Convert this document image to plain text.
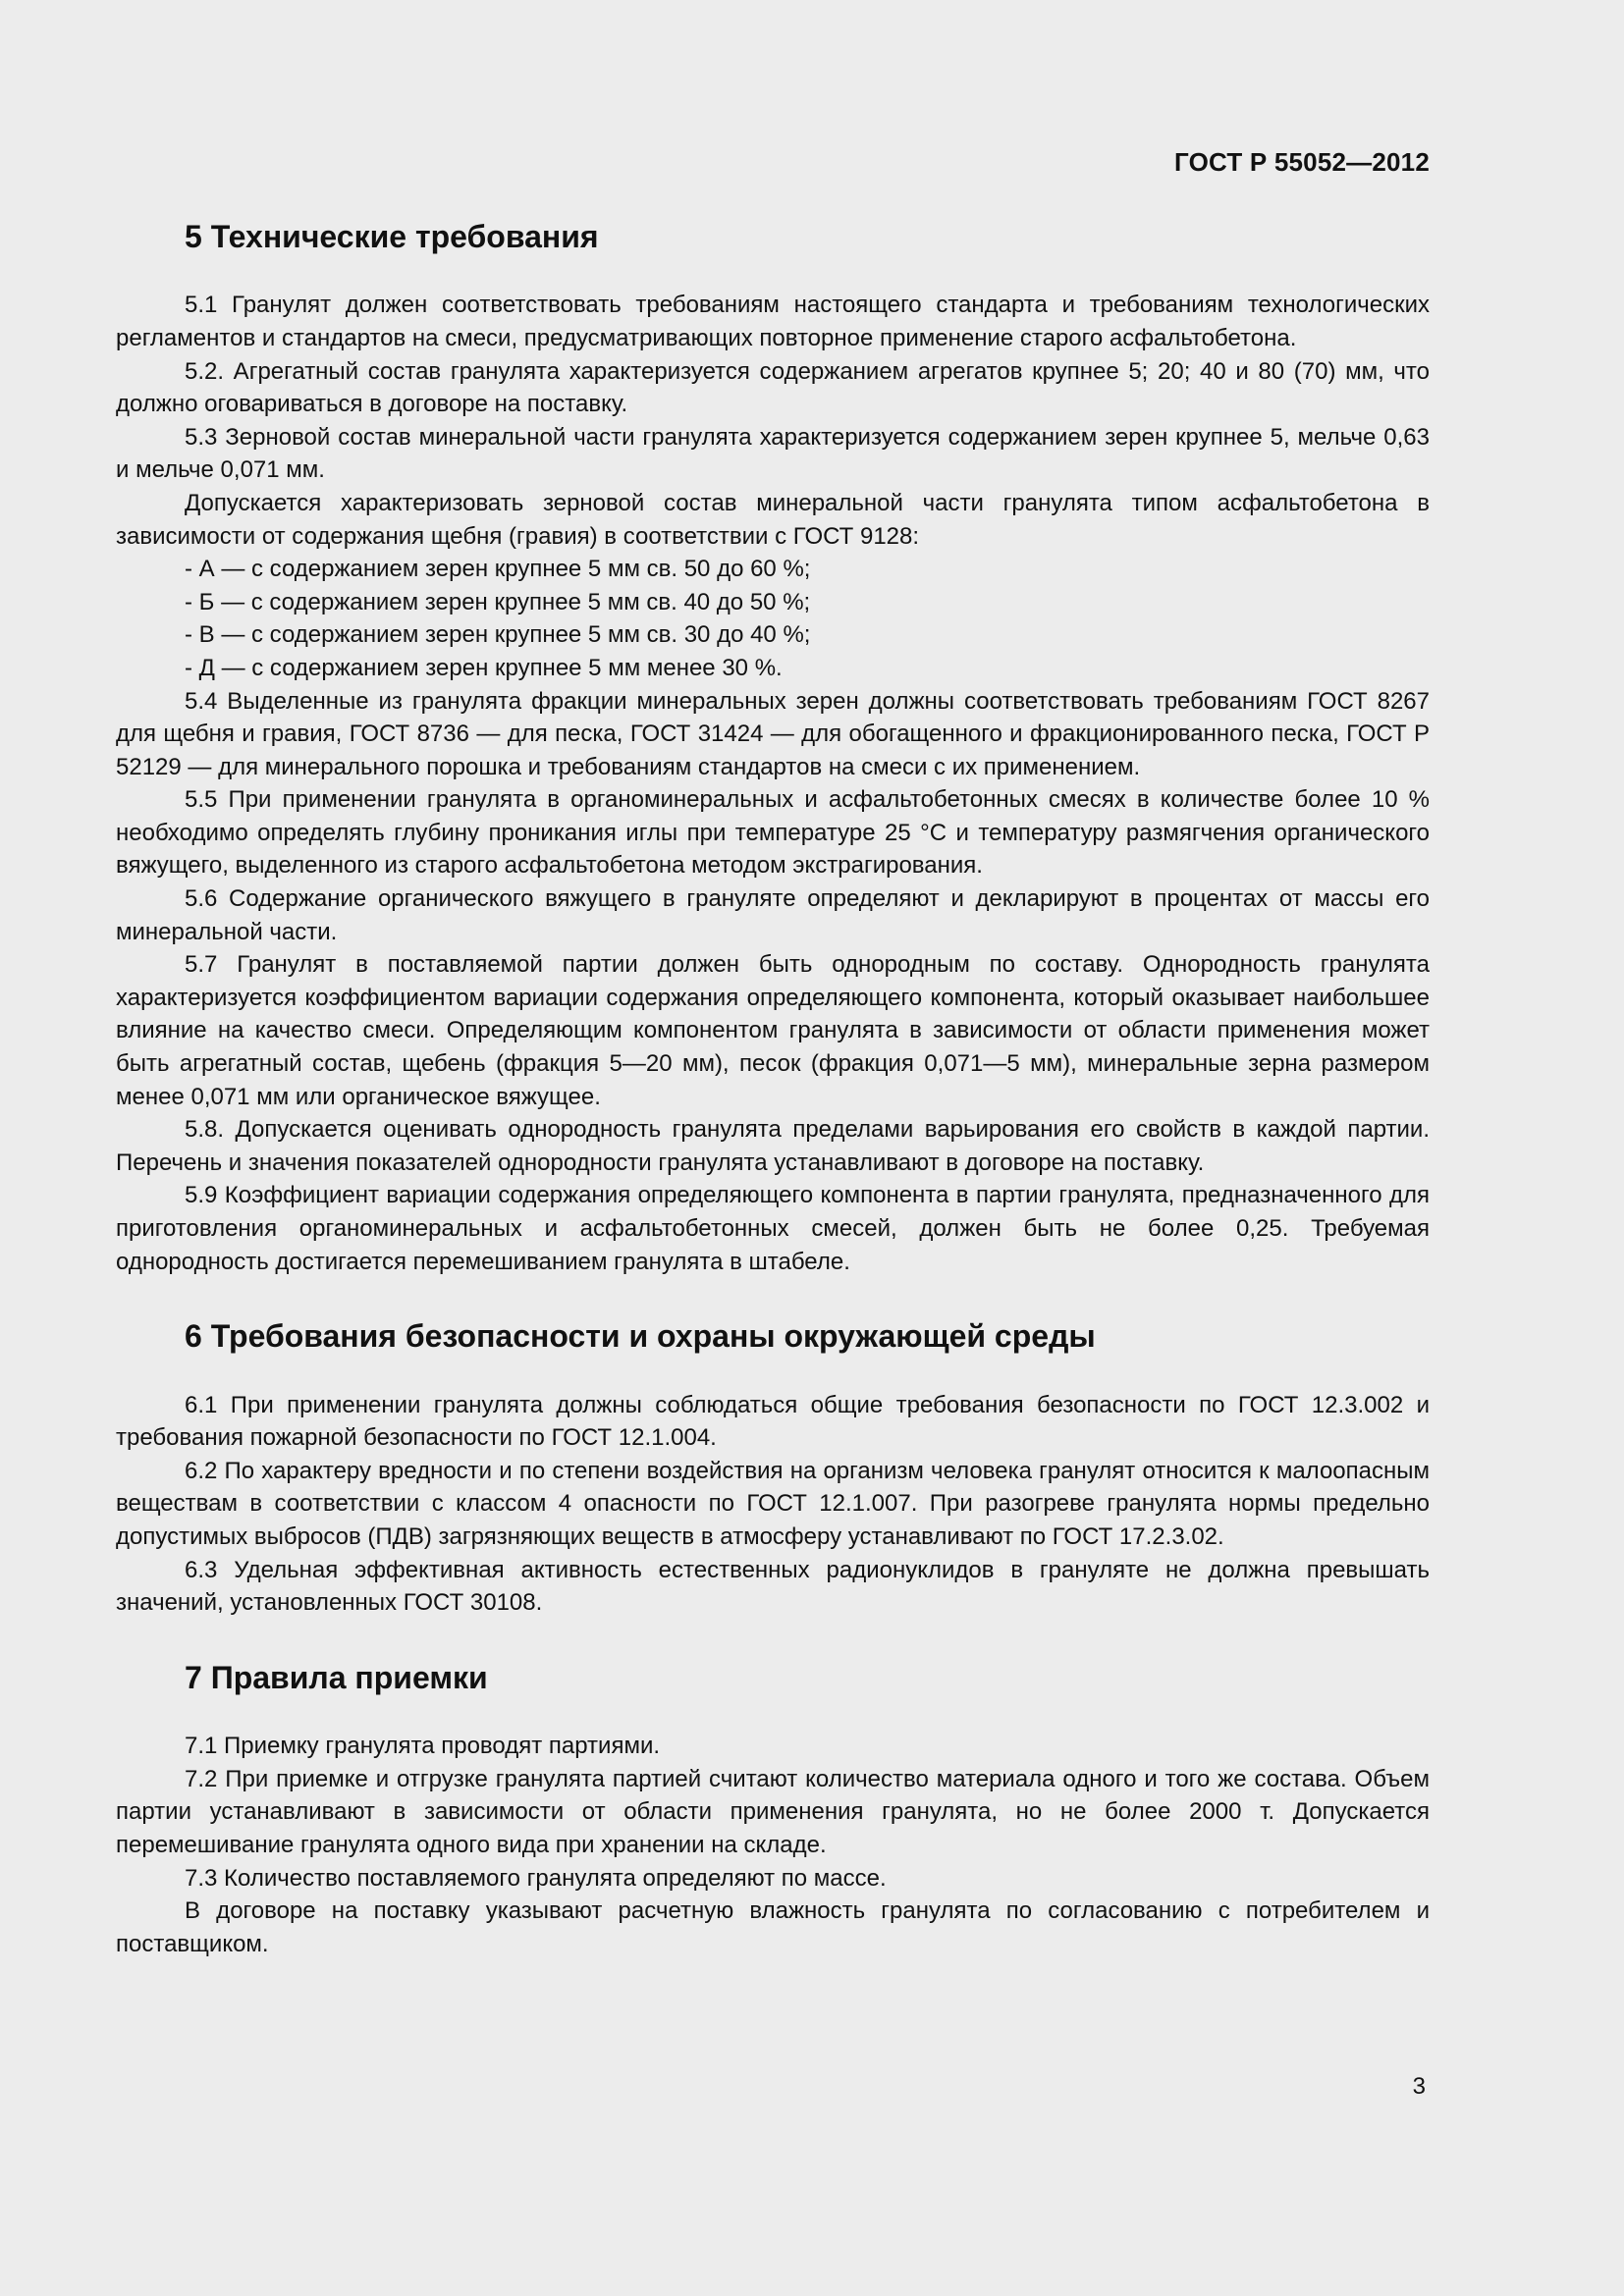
ГОСТ Р 55052—2012
5 Технические требования

5.1 Гранулят должен соответствовать требованиям настоящего стандарта и требованиям технологических регламентов и стандартов на смеси, предусматривающих повторное применение старого асфальтобетона.

5.2. Агрегатный состав гранулята характеризуется содержанием агрегатов крупнее 5; 20; 40 и 80 (70) мм, что должно оговариваться в договоре на поставку.

5.3 Зерновой состав минеральной части гранулята характеризуется содержанием зерен крупнее 5, мельче 0,63 и мельче 0,071 мм.

Допускается характеризовать зерновой состав минеральной части гранулята типом асфальтобетона в зависимости от содержания щебня (гравия) в соответствии с ГОСТ 9128:

- А — с содержанием зерен крупнее 5 мм св. 50 до 60 %;

- Б — с содержанием зерен крупнее 5 мм св. 40 до 50 %;

- В — с содержанием зерен крупнее 5 мм св. 30 до 40 %;

- Д — с содержанием зерен крупнее 5 мм менее 30 %.

5.4 Выделенные из гранулята фракции минеральных зерен должны соответствовать требованиям ГОСТ 8267 для щебня и гравия, ГОСТ 8736 — для песка, ГОСТ 31424 — для обогащенного и фракционированного песка, ГОСТ Р 52129 — для минерального порошка и требованиям стандартов на смеси с их применением.

5.5 При применении гранулята в органоминеральных и асфальтобетонных смесях в количестве более 10 % необходимо определять глубину проникания иглы при температуре 25 °С и температуру размягчения органического вяжущего, выделенного из старого асфальтобетона методом экстрагирования.

5.6 Содержание органического вяжущего в грануляте определяют и декларируют в процентах от массы его минеральной части.

5.7 Гранулят в поставляемой партии должен быть однородным по составу. Однородность гранулята характеризуется коэффициентом вариации содержания определяющего компонента, который оказывает наибольшее влияние на качество смеси. Определяющим компонентом гранулята в зависимости от области применения может быть агрегатный состав, щебень (фракция 5—20 мм), песок (фракция 0,071—5 мм), минеральные зерна размером менее 0,071 мм или органическое вяжущее.

5.8. Допускается оценивать однородность гранулята пределами варьирования его свойств в каждой партии. Перечень и значения показателей однородности гранулята устанавливают в договоре на поставку.

5.9 Коэффициент вариации содержания определяющего компонента в партии гранулята, предназначенного для приготовления органоминеральных и асфальтобетонных смесей, должен быть не более 0,25. Требуемая однородность достигается перемешиванием гранулята в штабеле.

6 Требования безопасности и охраны окружающей среды

6.1 При применении гранулята должны соблюдаться общие требования безопасности по ГОСТ 12.3.002 и требования пожарной безопасности по ГОСТ 12.1.004.

6.2 По характеру вредности и по степени воздействия на организм человека гранулят относится к малоопасным веществам в соответствии с классом 4 опасности по ГОСТ 12.1.007. При разогреве гранулята нормы предельно допустимых выбросов (ПДВ) загрязняющих веществ в атмосферу устанавливают по ГОСТ 17.2.3.02.

6.3 Удельная эффективная активность естественных радионуклидов в грануляте не должна превышать значений, установленных ГОСТ 30108.

7 Правила приемки

7.1 Приемку гранулята проводят партиями.

7.2 При приемке и отгрузке гранулята партией считают количество материала одного и того же состава. Объем партии устанавливают в зависимости от области применения гранулята, но не более 2000 т. Допускается перемешивание гранулята одного вида при хранении на складе.

7.3 Количество поставляемого гранулята определяют по массе.

В договоре на поставку указывают расчетную влажность гранулята по согласованию с потребителем и поставщиком.

3
